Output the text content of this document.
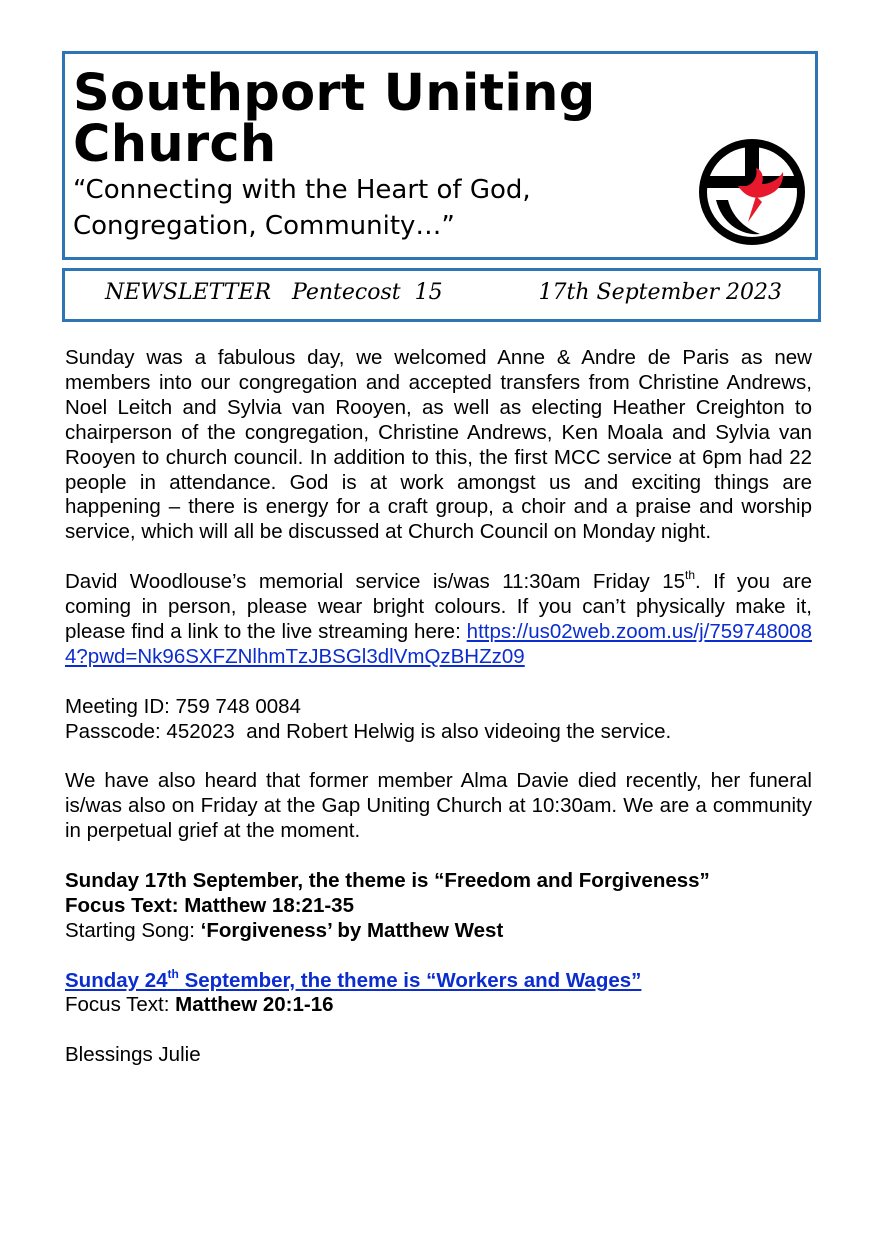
Southport Uniting Church

“Connecting with the Heart of God,
Congregation, Community…”

NEWSLETTER   Pentecost  15	17th September 2023

Sunday was a fabulous day, we welcomed Anne & Andre de Paris as new members into our congregation and accepted transfers from Christine Andrews, Noel Leitch and Sylvia van Rooyen, as well as electing Heather Creighton to chairperson of the congregation, Christine Andrews, Ken Moala and Sylvia van Rooyen to church council. In addition to this, the first MCC service at 6pm had 22 people in attendance. God is at work amongst us and exciting things are happening – there is energy for a craft group, a choir and a praise and worship service, which will all be discussed at Church Council on Monday night.

David Woodlouse’s memorial service is/was 11:30am Friday 15th. If you are coming in person, please wear bright colours. If you can’t physically make it, please find a link to the live streaming here: https://us02web.zoom.us/j/7597480084?pwd=Nk96SXFZNlhmTzJBSGl3dlVmQzBHZz09

Meeting ID: 759 748 0084
Passcode: 452023  and Robert Helwig is also videoing the service.

We have also heard that former member Alma Davie died recently, her funeral is/was also on Friday at the Gap Uniting Church at 10:30am. We are a community in perpetual grief at the moment.

Sunday 17th September, the theme is “Freedom and Forgiveness”
Focus Text: Matthew 18:21-35
Starting Song: ‘Forgiveness’ by Matthew West

Sunday 24th September, the theme is “Workers and Wages”
Focus Text: Matthew 20:1-16

Blessings Julie
